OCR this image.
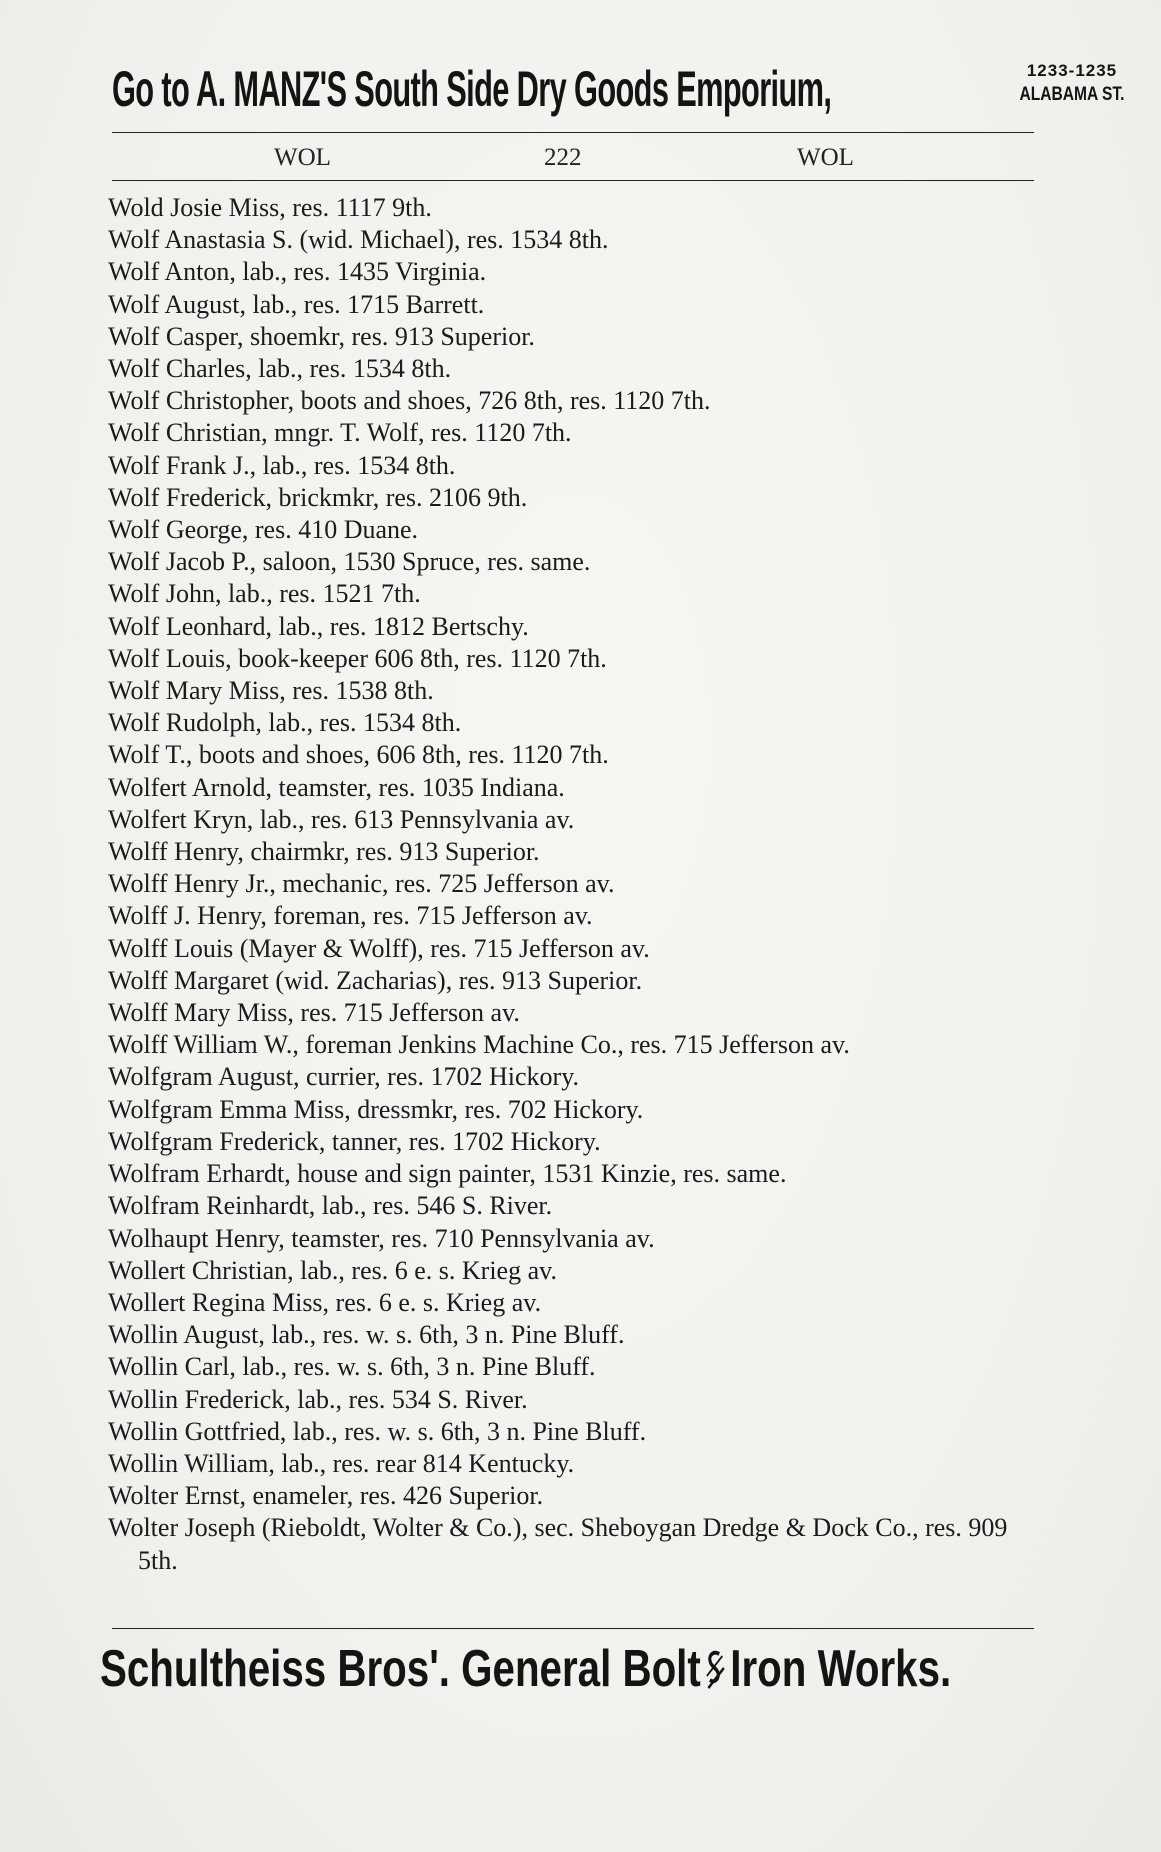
Go to A. MANZ'S South Side Dry Goods Emporium,	1233-1235
ALABAMA ST.
WOL	222	WOL
Wold Josie Miss, res. 1117 9th.
Wolf Anastasia S. (wid. Michael), res. 1534 8th.
Wolf Anton, lab., res. 1435 Virginia.
Wolf August, lab., res. 1715 Barrett.
Wolf Casper, shoemkr, res. 913 Superior.
Wolf Charles, lab., res. 1534 8th.
Wolf Christopher, boots and shoes, 726 8th, res. 1120 7th.
Wolf Christian, mngr. T. Wolf, res. 1120 7th.
Wolf Frank J., lab., res. 1534 8th.
Wolf Frederick, brickmkr, res. 2106 9th.
Wolf George, res. 410 Duane.
Wolf Jacob P., saloon, 1530 Spruce, res. same.
Wolf John, lab., res. 1521 7th.
Wolf Leonhard, lab., res. 1812 Bertschy.
Wolf Louis, book-keeper 606 8th, res. 1120 7th.
Wolf Mary Miss, res. 1538 8th.
Wolf Rudolph, lab., res. 1534 8th.
Wolf T., boots and shoes, 606 8th, res. 1120 7th.
Wolfert Arnold, teamster, res. 1035 Indiana.
Wolfert Kryn, lab., res. 613 Pennsylvania av.
Wolff Henry, chairmkr, res. 913 Superior.
Wolff Henry Jr., mechanic, res. 725 Jefferson av.
Wolff J. Henry, foreman, res. 715 Jefferson av.
Wolff Louis (Mayer & Wolff), res. 715 Jefferson av.
Wolff Margaret (wid. Zacharias), res. 913 Superior.
Wolff Mary Miss, res. 715 Jefferson av.
Wolff William W., foreman Jenkins Machine Co., res. 715 Jefferson av.
Wolfgram August, currier, res. 1702 Hickory.
Wolfgram Emma Miss, dressmkr, res. 702 Hickory.
Wolfgram Frederick, tanner, res. 1702 Hickory.
Wolfram Erhardt, house and sign painter, 1531 Kinzie, res. same.
Wolfram Reinhardt, lab., res. 546 S. River.
Wolhaupt Henry, teamster, res. 710 Pennsylvania av.
Wollert Christian, lab., res. 6 e. s. Krieg av.
Wollert Regina Miss, res. 6 e. s. Krieg av.
Wollin August, lab., res. w. s. 6th, 3 n. Pine Bluff.
Wollin Carl, lab., res. w. s. 6th, 3 n. Pine Bluff.
Wollin Frederick, lab., res. 534 S. River.
Wollin Gottfried, lab., res. w. s. 6th, 3 n. Pine Bluff.
Wollin William, lab., res. rear 814 Kentucky.
Wolter Ernst, enameler, res. 426 Superior.
Wolter Joseph (Rieboldt, Wolter & Co.), sec. Sheboygan Dredge & Dock Co., res. 909 5th.
Schultheiss Bros'. General Bolt Iron Works.
